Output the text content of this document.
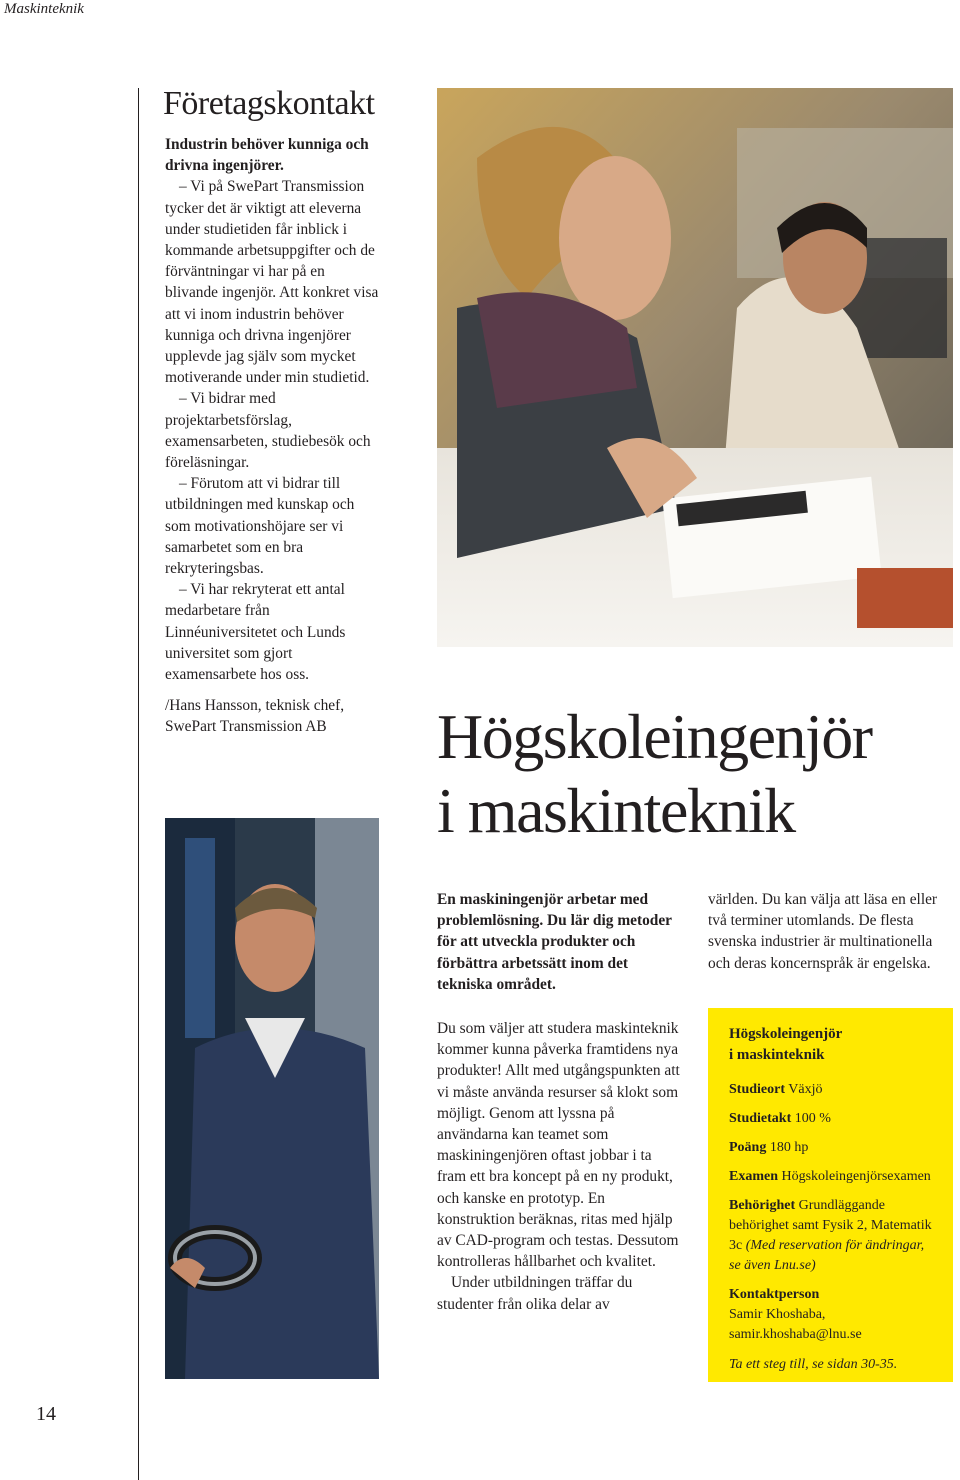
Maskinteknik
14
Företagskontakt

Industrin behöver kunniga och drivna ingenjörer.

– Vi på SwePart Transmission tycker det är viktigt att eleverna under studietiden får inblick i kommande arbetsuppgifter och de förväntningar vi har på en blivande ingenjör. Att konkret visa att vi inom industrin behöver kunniga och drivna ingenjörer upplevde jag själv som mycket motiverande under min studietid.

– Vi bidrar med projektarbetsförslag, examensarbeten, studiebesök och föreläsningar.

– Förutom att vi bidrar till utbildningen med kunskap och som motivationshöjare ser vi samarbetet som en bra rekryteringsbas.

– Vi har rekryterat ett antal medarbetare från Linnéuniversitetet och Lunds universitet som gjort examensarbete hos oss.

/Hans Hansson, teknisk chef,
SwePart Transmission AB	Högskoleingenjör
i maskinteknik

En maskiningenjör arbetar med problemlösning. Du lär dig metoder för att utveckla produkter och förbättra arbetssätt inom det tekniska området.

världen. Du kan välja att läsa en eller två terminer utomlands. De flesta svenska industrier är multinationella och deras koncernspråk är engelska.

Du som väljer att studera maskinteknik kommer kunna påverka framtidens nya produkter! Allt med utgångspunkten att vi måste använda resurser så klokt som möjligt. Genom att lyssna på användarna kan teamet som maskiningenjören oftast jobbar i ta fram ett bra koncept på en ny produkt, och kanske en prototyp. En konstruktion beräknas, ritas med hjälp av CAD-program och testas. Dessutom kontrolleras hållbarhet och kvalitet.

Under utbildningen träffar du studenter från olika delar av

Högskoleingenjör
i maskinteknik

Studieort Växjö

Studietakt 100 %

Poäng 180 hp

Examen Högskoleingenjörsexamen

Behörighet Grundläggande behörighet samt Fysik 2, Matematik 3c (Med reservation för ändringar, se även Lnu.se)

Kontaktperson
Samir Khoshaba,
samir.khoshaba@lnu.se

Ta ett steg till, se sidan 30-35.
